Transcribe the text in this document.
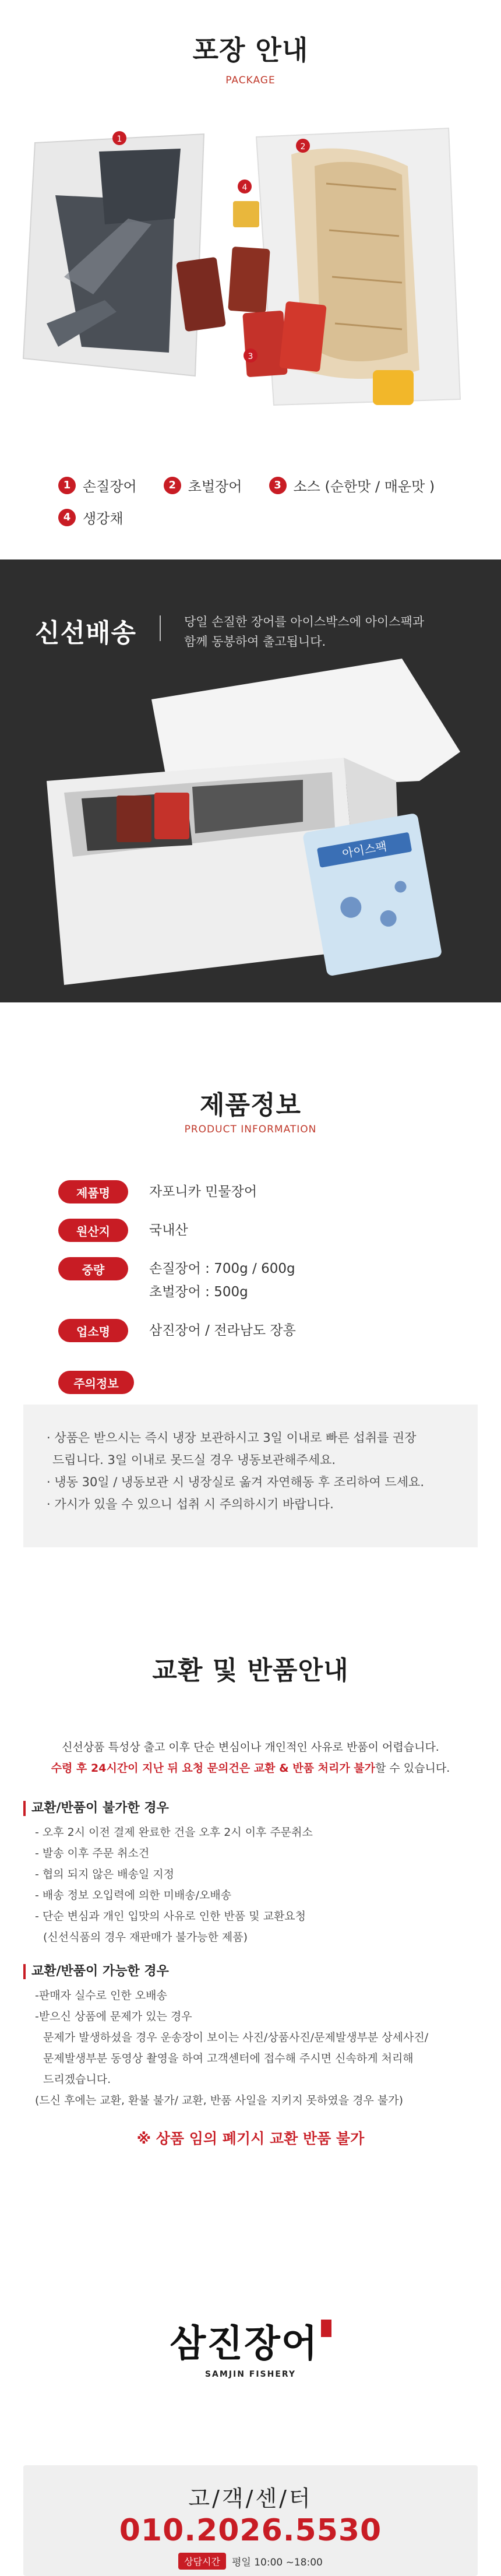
포장 안내
PACKAGE
1
2
3
4
1 손질장어	2 초벌장어	3 소스 (순한맛 / 매운맛 )
4 생강채
신선배송	당일 손질한 장어를 아이스박스에 아이스팩과
함께 동봉하여 출고됩니다.
아이스팩
제품정보
PRODUCT INFORMATION
제품명	자포니카 민물장어
원산지	국내산
중량	손질장어 : 700g / 600g
초벌장어 : 500g
업소명	삼진장어 / 전라남도 장흥
주의정보
· 상품은 받으시는 즉시 냉장 보관하시고 3일 이내로 빠른 섭취를 권장
드립니다. 3일 이내로 못드실 경우 냉동보관해주세요.
· 냉동 30일 / 냉동보관 시 냉장실로 옮겨 자연해동 후 조리하여 드세요.
· 가시가 있을 수 있으니 섭취 시 주의하시기 바랍니다.
교환 및 반품안내
신선상품 특성상 출고 이후 단순 변심이나 개인적인 사유로 반품이 어렵습니다.
수령 후 24시간이 지난 뒤 요청 문의건은 교환 & 반품 처리가 불가할 수 있습니다.
교환/반품이 불가한 경우
- 오후 2시 이전 결제 완료한 건을 오후 2시 이후 주문취소
- 발송 이후 주문 취소건
- 협의 되지 않은 배송일 지정
- 배송 정보 오입력에 의한 미배송/오배송
- 단순 변심과 개인 입맛의 사유로 인한 반품 및 교환요청
(신선식품의 경우 재판매가 불가능한 제품)
교환/반품이 가능한 경우
-판매자 실수로 인한 오배송
-받으신 상품에 문제가 있는 경우
문제가 발생하셨을 경우 운송장이 보이는 사진/상품사진/문제발생부분 상세사진/
문제발생부분 동영상 촬영을 하여 고객센터에 접수해 주시면 신속하게 처리해
드리겠습니다.
(드신 후에는 교환, 환불 불가/ 교환, 반품 사일을 지키지 못하였을 경우 불가)
※ 상품 임의 폐기시 교환 반품 불가
삼진장어
SAMJIN FISHERY
고/객/센/터
010.2026.5530
상담시간	평일 10:00 ~18:00
